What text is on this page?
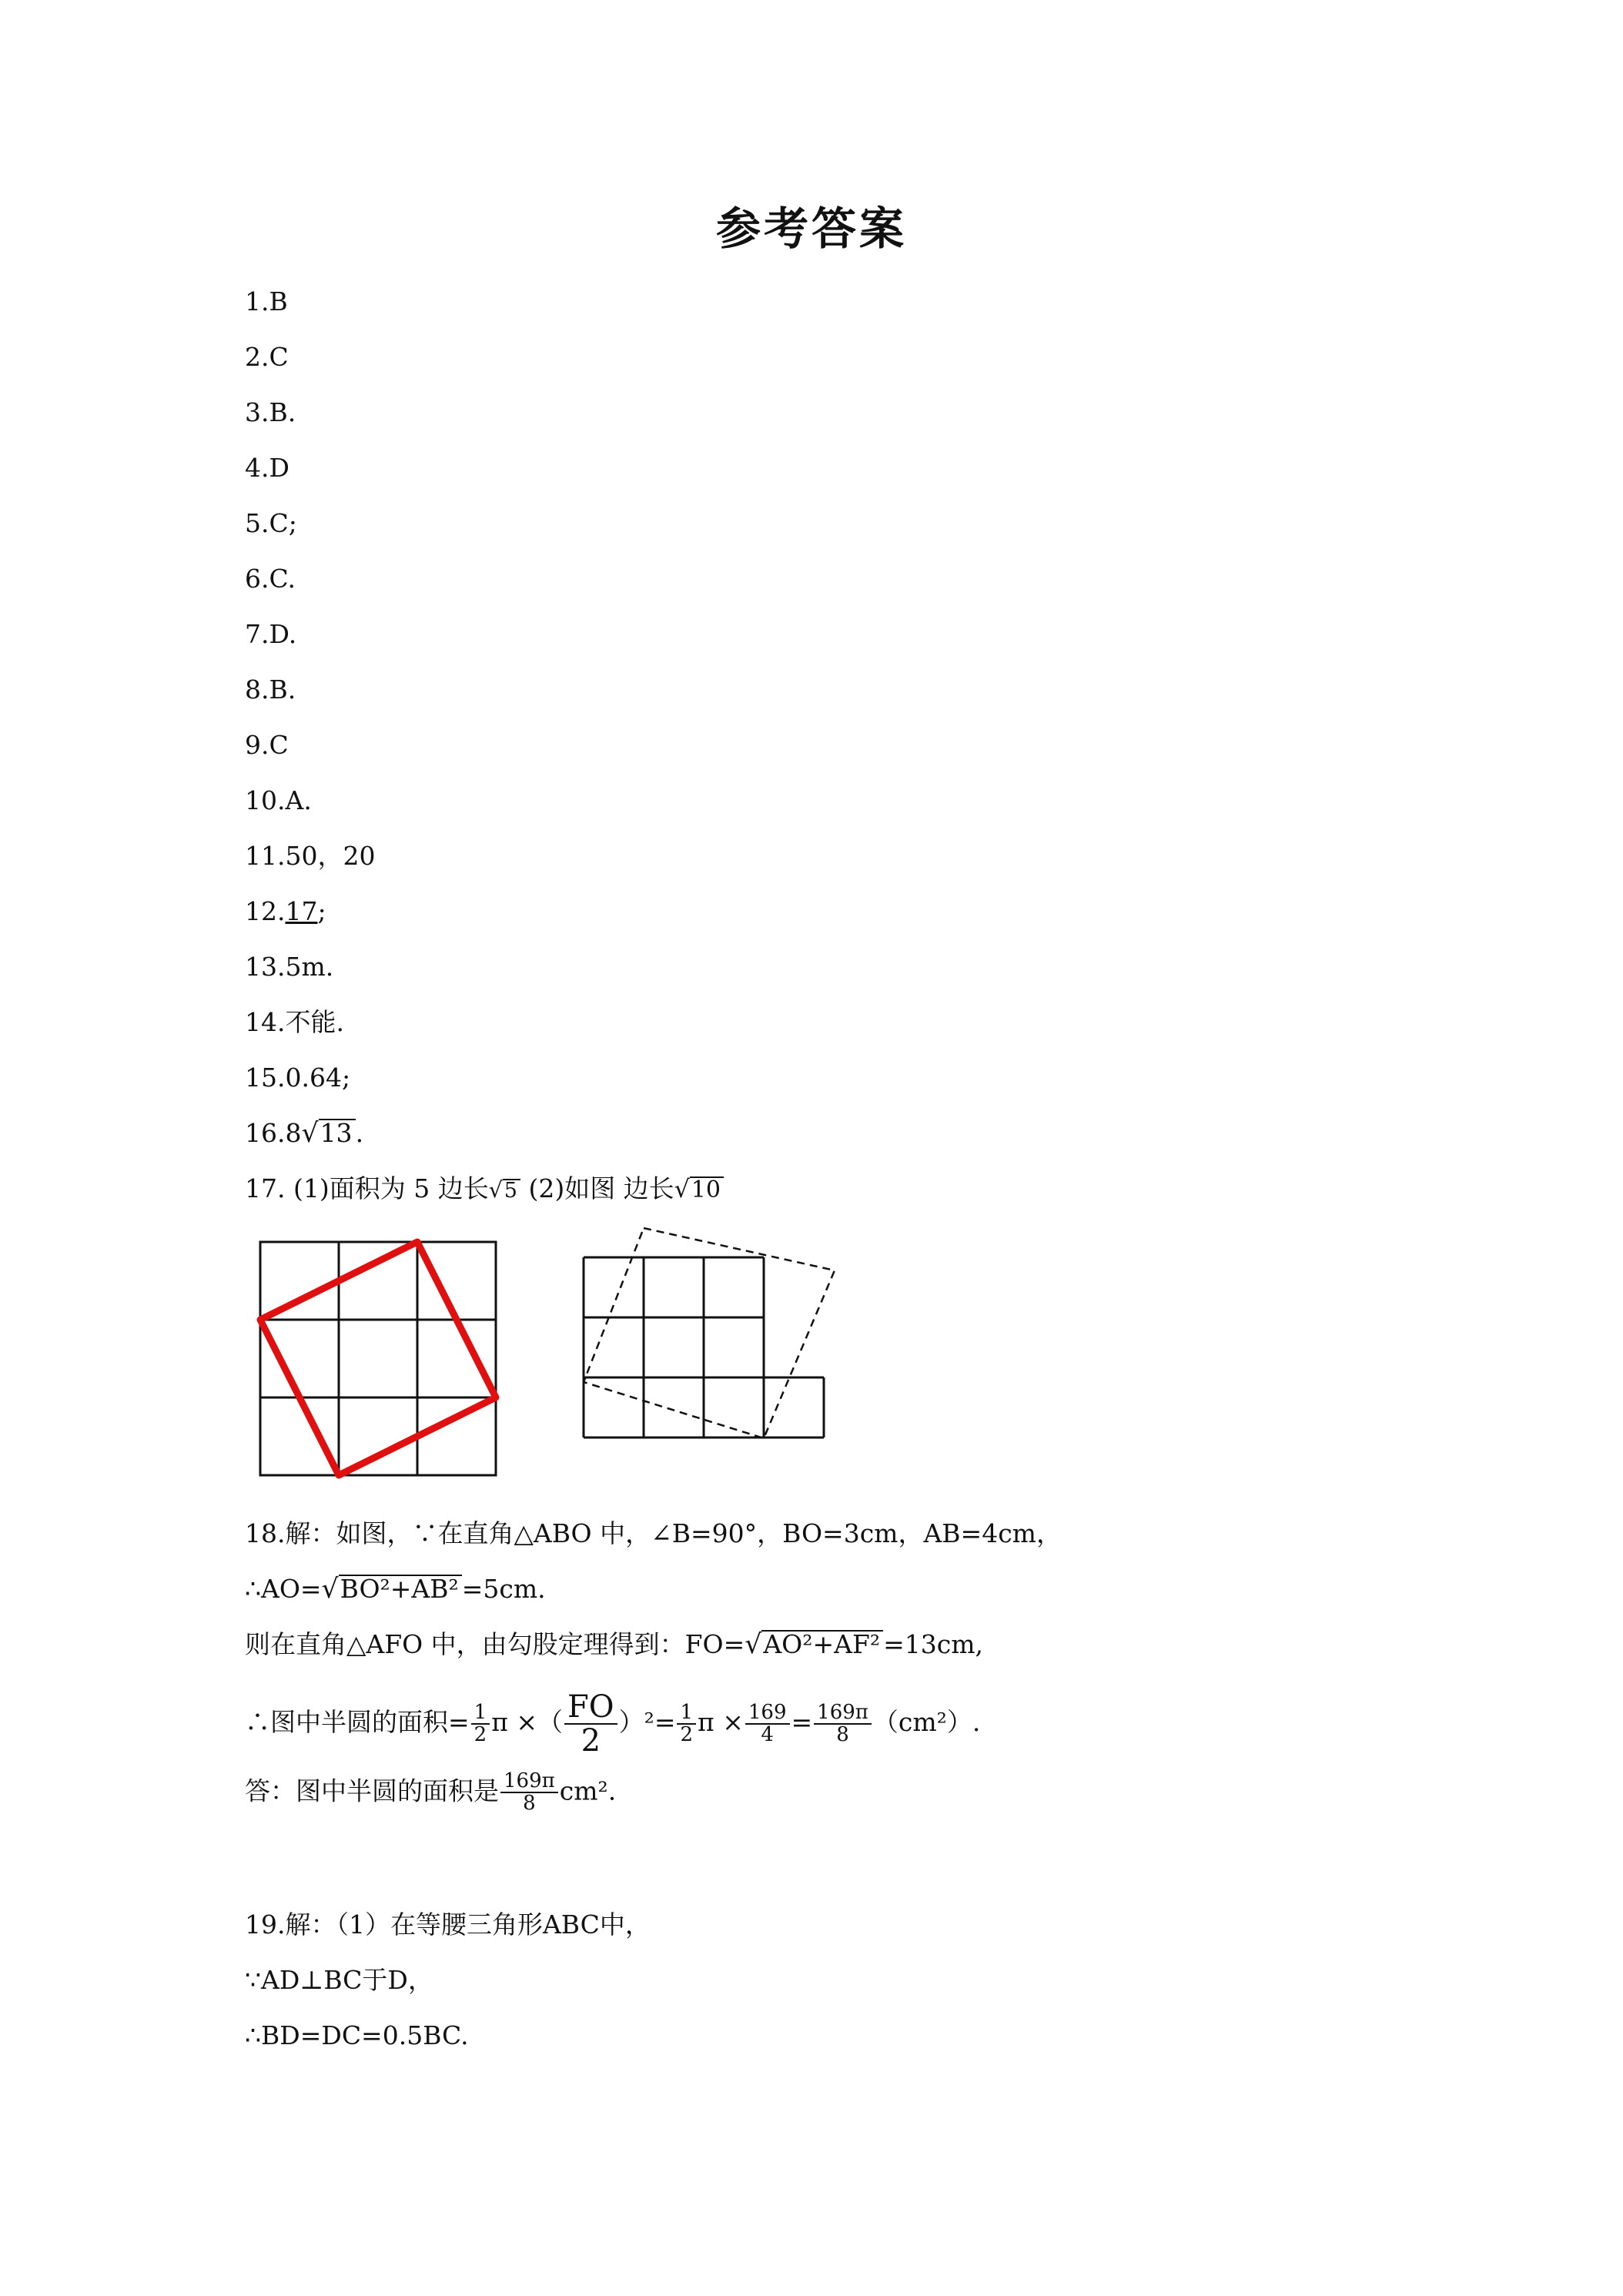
参考答案
1.B
2.C
3.B.
4.D
5.C;
6.C.
7.D.
8.B.
9.C
10.A.
11.50，20
12.17;
13.5m.
14.不能.
15.0.64;
16.8√13 .
17. (1)面积为 5 边长√5 (2)如图 边长√10
18.解：如图，∵在直角△ABO 中，∠B=90°，BO=3cm，AB=4cm，
∴AO=√BO²+AB² =5cm.
则在直角△AFO 中，由勾股定理得到：FO=√AO²+AF² =13cm,
∴图中半圆的面积= $\frac{1}{2}$ π ×（ $\frac{FO}{2} )^2= \frac{1}{2}$ $\pi \times \frac{169}{4} = \frac{169\pi}{8} (cm^2)$.
答：图中半圆的面积是 $\frac{169\pi}{8} cm^2$.
19.解：（1）在等腰三角形ABC中，
∵AD⊥BC于D，
∴BD=DC=0.5BC.
